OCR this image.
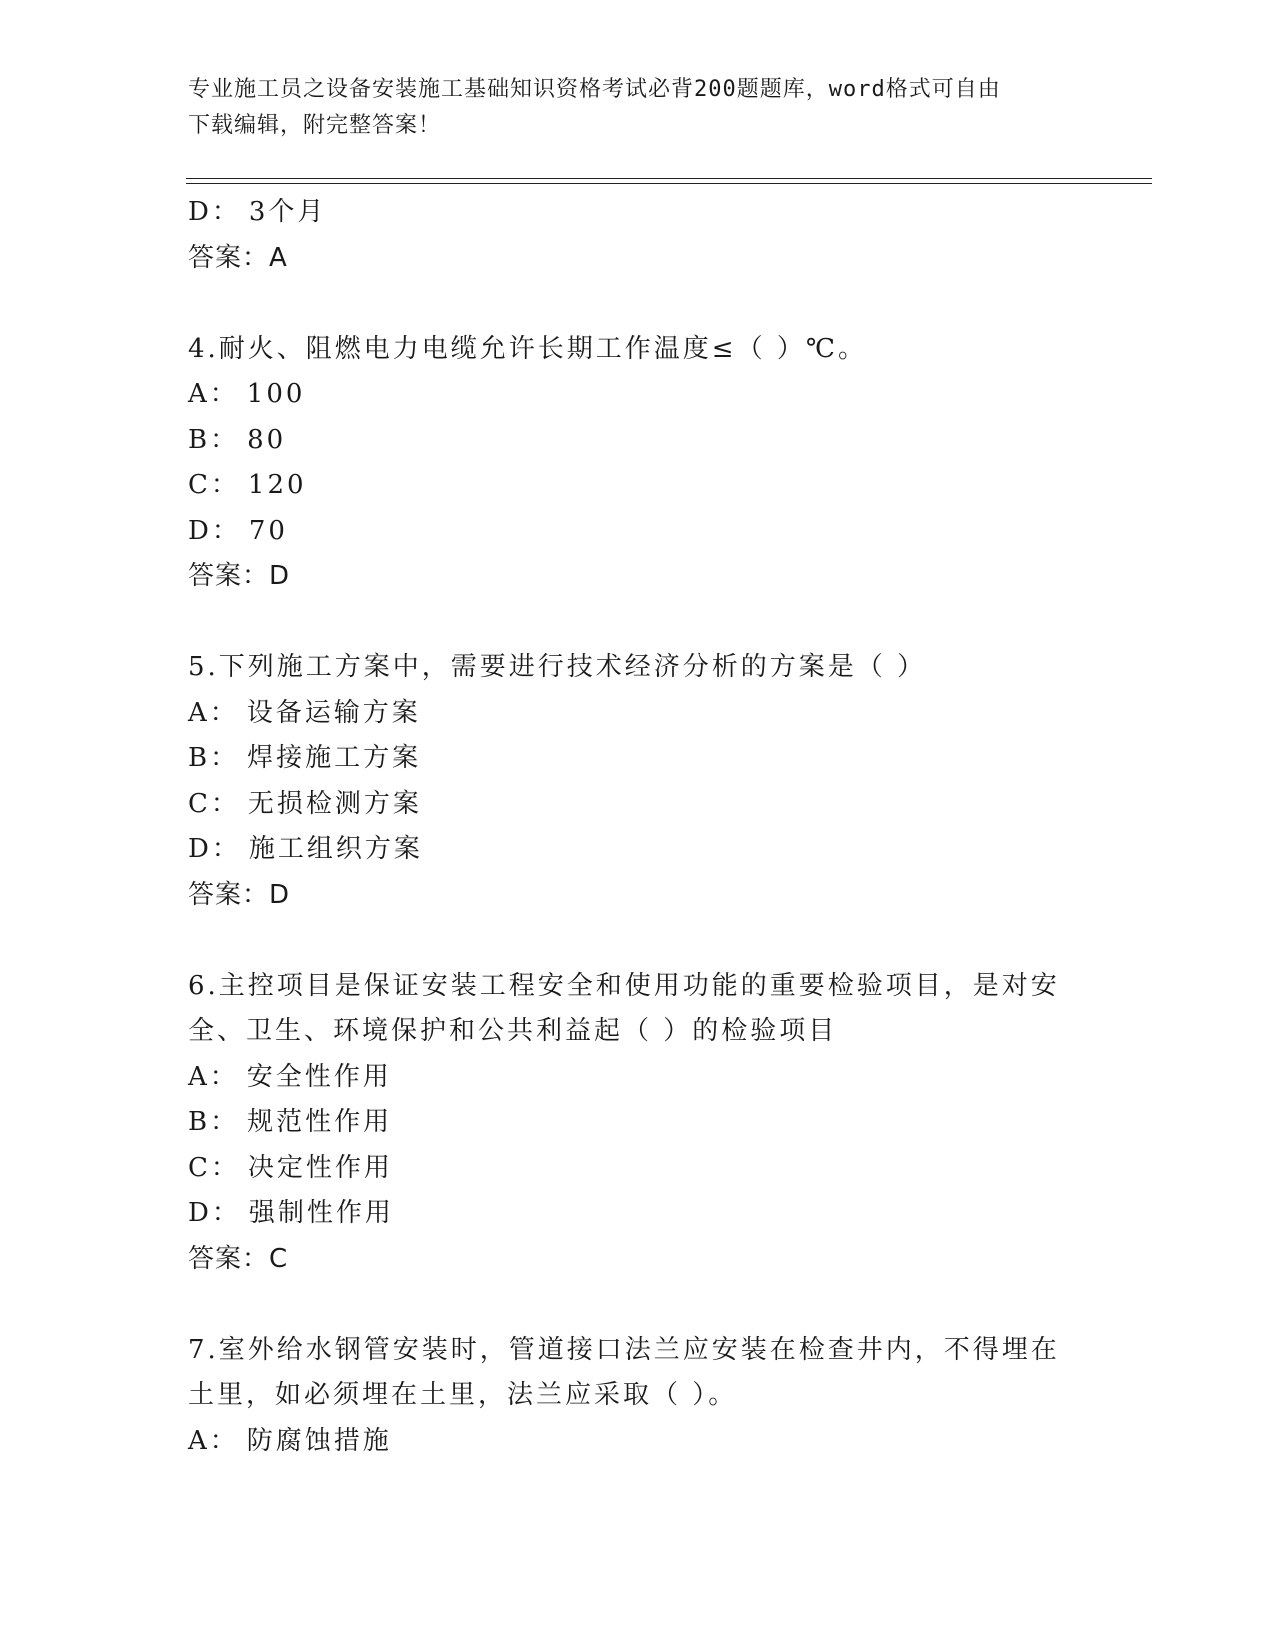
专业施工员之设备安装施工基础知识资格考试必背200题题库，word格式可自由
下载编辑，附完整答案！
D： 3个月
答案：A
4.耐火、阻燃电力电缆允许长期工作温度≤（ ）℃。
A： 100
B： 80
C： 120
D： 70
答案：D
5.下列施工方案中，需要进行技术经济分析的方案是（ ）
A： 设备运输方案
B： 焊接施工方案
C： 无损检测方案
D： 施工组织方案
答案：D
6.主控项目是保证安装工程安全和使用功能的重要检验项目，是对安
全、卫生、环境保护和公共利益起（ ）的检验项目
A： 安全性作用
B： 规范性作用
C： 决定性作用
D： 强制性作用
答案：C
7.室外给水钢管安装时，管道接口法兰应安装在检查井内，不得埋在
土里，如必须埋在土里，法兰应采取（ ）。
A： 防腐蚀措施
